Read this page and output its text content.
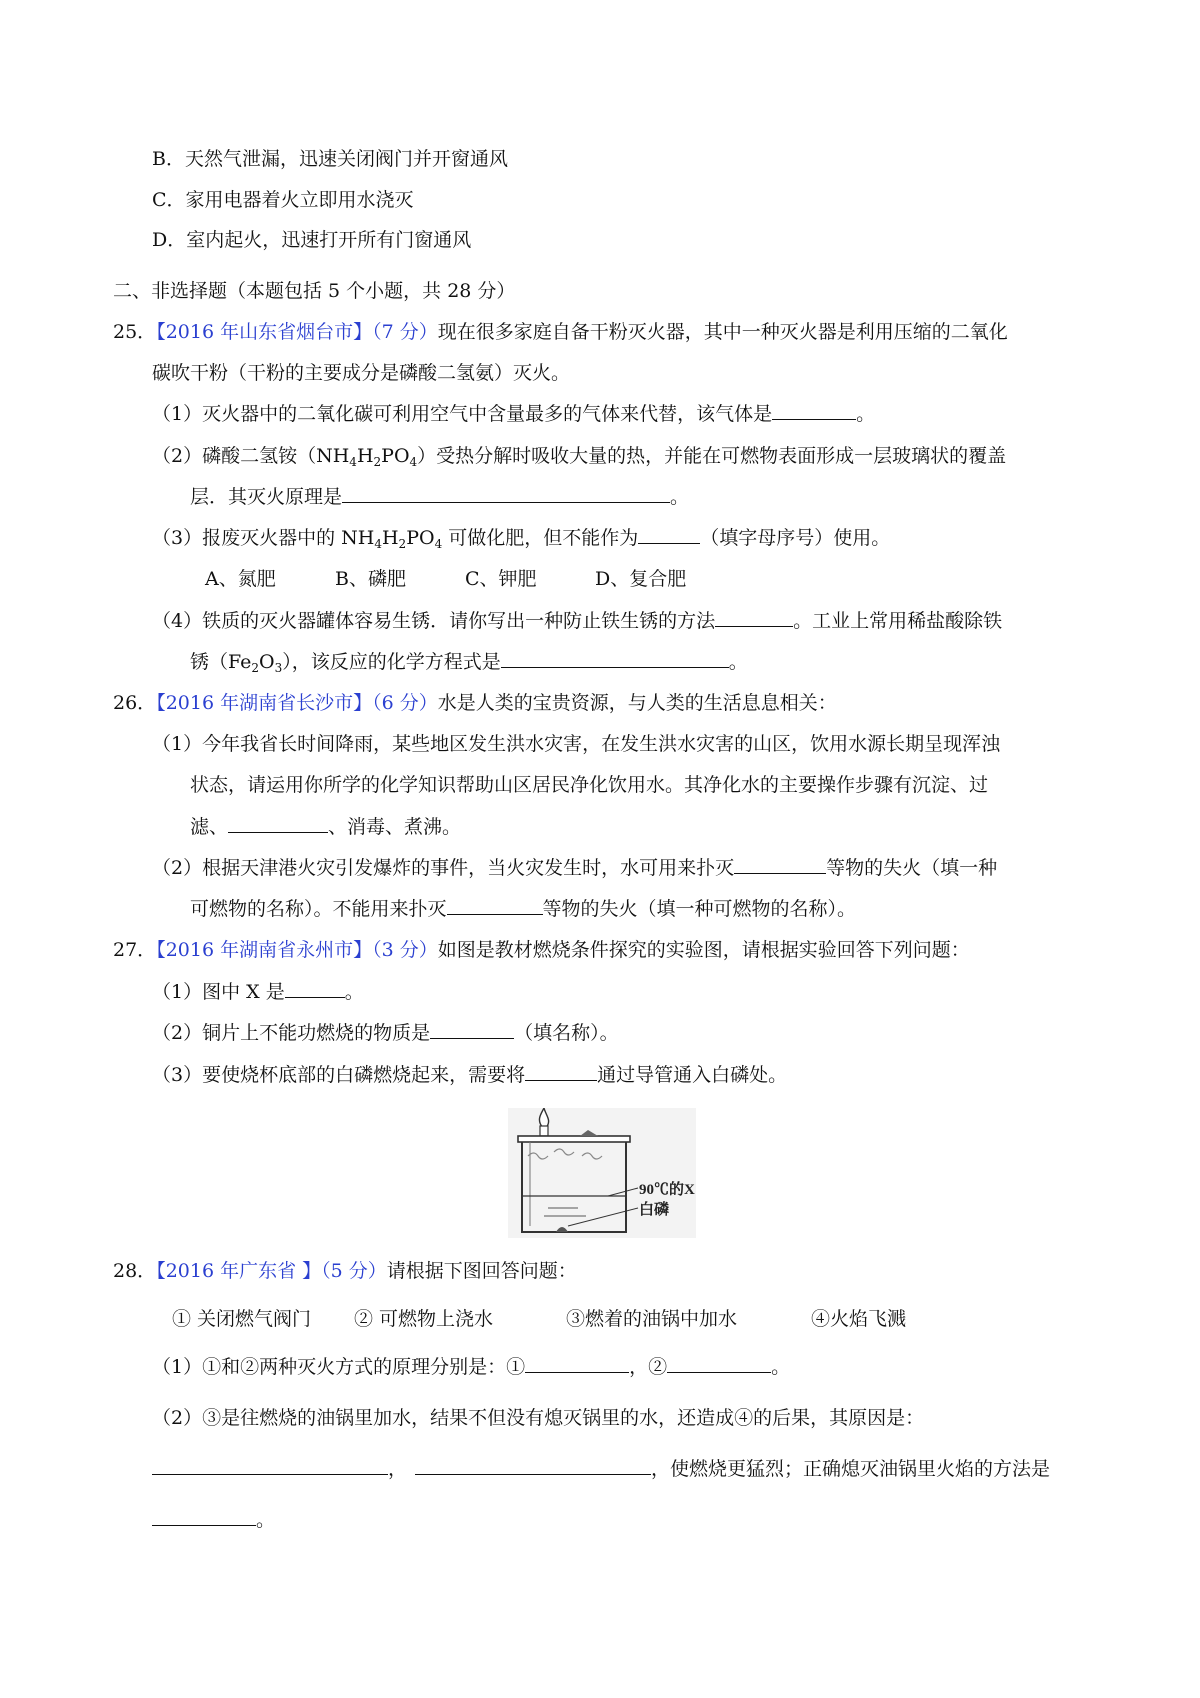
B．天然气泄漏，迅速关闭阀门并开窗通风
C．家用电器着火立即用水浇灭
D．室内起火，迅速打开所有门窗通风
二、非选择题（本题包括 5 个小题，共 28 分）
25．【2016 年山东省烟台市】（7 分）现在很多家庭自备干粉灭火器，其中一种灭火器是利用压缩的二氧化
碳吹干粉（干粉的主要成分是磷酸二氢氨）灭火。
（1）灭火器中的二氧化碳可利用空气中含量最多的气体来代替，该气体是	。
（2）磷酸二氢铵$(NH_4H_2PO_4)$受热分解时吸收大量的热，并能在可燃物表面形成一层玻璃状的覆盖
层．其灭火原理是	。
（3）报废灭火器中的 $NH_4H_2PO_4$ 可做化肥，但不能作为	（填字母序号）使用。
A、氮肥	B、磷肥	C、钾肥	D、复合肥
（4）铁质的灭火器罐体容易生锈．请你写出一种防止铁生锈的方法	。工业上常用稀盐酸除铁
锈$(Fe_2O_3)$，该反应的化学方程式是	。
26．【2016 年湖南省长沙市】（6 分）水是人类的宝贵资源，与人类的生活息息相关：
（1）今年我省长时间降雨，某些地区发生洪水灾害，在发生洪水灾害的山区，饮用水源长期呈现浑浊
状态，请运用你所学的化学知识帮助山区居民净化饮用水。其净化水的主要操作步骤有沉淀、过
滤、	、消毒、煮沸。
（2）根据天津港火灾引发爆炸的事件，当火灾发生时，水可用来扑灭	等物的失火（填一种
可燃物的名称）。不能用来扑灭	等物的失火（填一种可燃物的名称）。
27．【2016 年湖南省永州市】（3 分）如图是教材燃烧条件探究的实验图，请根据实验回答下列问题：
（1）图中 X 是	。
（2）铜片上不能功燃烧的物质是	（填名称）。
（3）要使烧杯底部的白磷燃烧起来，需要将	通过导管通入白磷处。
90℃的X
白磷
28．【2016 年广东省 】（5 分）请根据下图回答问题：
① 关闭燃气阀门 ② 可燃物上浇水	③燃着的油锅中加水	④火焰飞溅
（1）①和②两种灭火方式的原理分别是：①	，②	。
（2）③是往燃烧的油锅里加水，结果不但没有熄灭锅里的水，还造成④的后果，其原因是：
，	，使燃烧更猛烈；正确熄灭油锅里火焰的方法是
。
